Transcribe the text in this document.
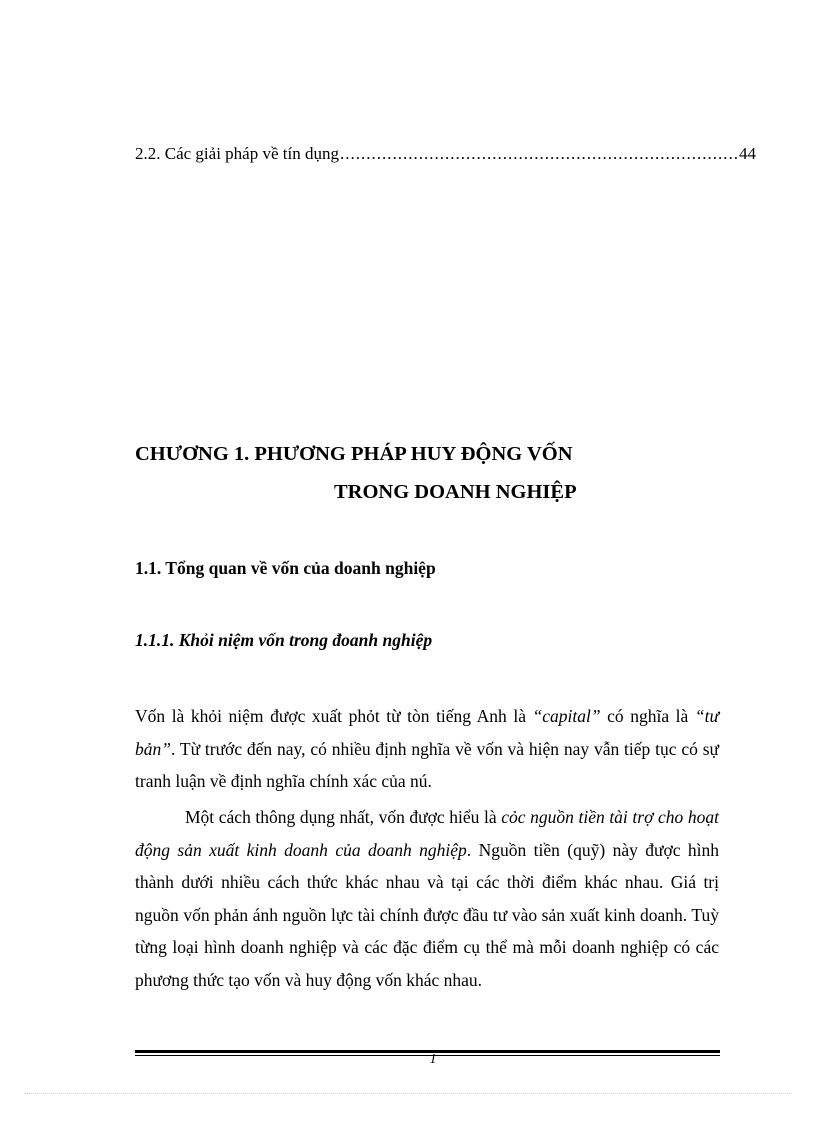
2.2. Các giải pháp về tín dụng
.....	44
CHƯƠNG 1. PHƯƠNG PHÁP HUY ĐỘNG VỐN
TRONG DOANH NGHIỆP
1.1. Tổng quan về vốn của doanh nghiệp
1.1.1. Khỏi niệm vốn trong đoanh nghiệp

Vốn là khỏi niệm được xuất phỏt từ tòn tiếng Anh là “capital” có nghĩa là “tư bản”. Từ trước đến nay, có nhiều định nghĩa về vốn và hiện nay vẫn tiếp tục có sự tranh luận về định nghĩa chính xác của nú.

Một cách thông dụng nhất, vốn được hiểu là cỏc nguồn tiền tài trợ cho hoạt động sản xuất kinh doanh của doanh nghiệp. Nguồn tiền (quỹ) này được hình thành dưới nhiều cách thức khác nhau và tại các thời điểm khác nhau. Giá trị nguồn vốn phản ánh nguồn lực tài chính được đầu tư vào sản xuất kinh doanh. Tuỳ từng loại hình doanh nghiệp và các đặc điểm cụ thể mà mỗi doanh nghiệp có các phương thức tạo vốn và huy động vốn khác nhau.

1
